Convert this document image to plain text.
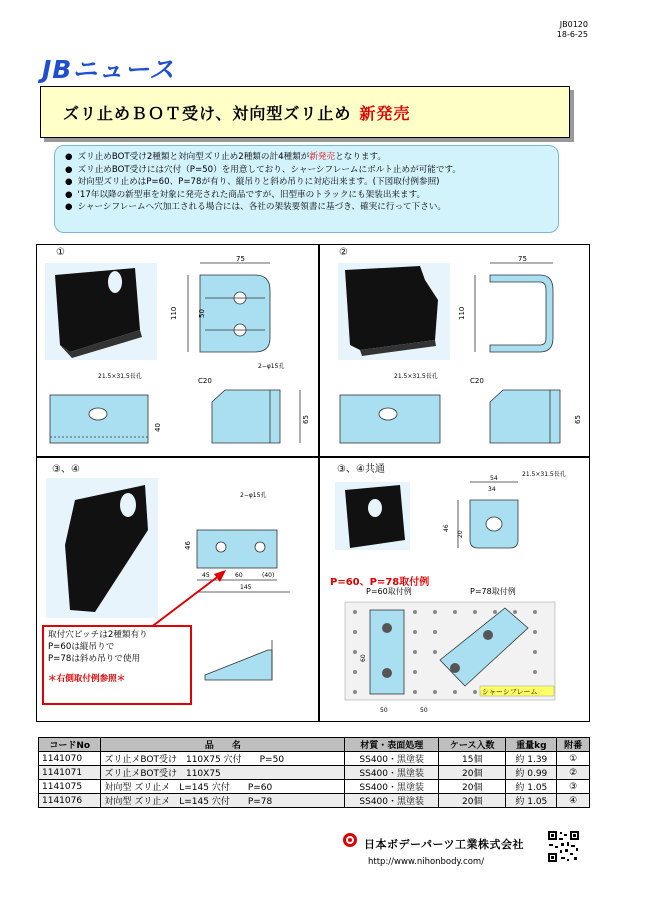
JB0120
18-6-25
JBニュース
ズリ止めＢＯＴ受け、対向型ズリ止め 新発売
● ズリ止めBOT受け2種類と対向型ズリ止め2種類の計4種類が新発売となります。
● ズリ止めBOT受けには穴付（P=50）を用意しており、シャーシフレームにボルト止めが可能です。
● 対向型ズリ止めはP=60、P=78が有り、縦吊りと斜め吊りに対応出来ます。(下図取付例参照)
● '17年以降の新型車を対象に発売された商品ですが、旧型車のトラックにも架装出来ます。
● シャーシフレームへ穴加工される場合には、各社の架装要領書に基づき、確実に行って下さい。
①	②
③、④	③、④共通
75
110	50
2−φ15孔
21.5×31.5長孔
C20
40
65
75
110
21.5×31.5長孔
C20
65
2−φ15孔
46
45	60	(40)
145
54
34
21.5×31.5長孔
46
20
シャーシフレーム
P=60取付例	P=78取付例
50	50
60
P=60、P=78取付例
取付穴ピッチは2種類有り
P=60は縦吊りで
P=78は斜め吊りで使用
＊右側取付例参照＊
コードNo	品　　名	材質・表面処理	ケース入数	重量kg	附番
1141070	ズリ止メBOT受け　110X75 穴付　　P=50	SS400・黒塗装	15個	約 1.39	①
1141071	ズリ止メBOT受け　110X75	SS400・黒塗装	20個	約 0.99	②
1141075	対向型 ズリ止メ　L=145 穴付　　P=60	SS400・黒塗装	20個	約 1.05	③
1141076	対向型 ズリ止メ　L=145 穴付　　P=78	SS400・黒塗装	20個	約 1.05	④
日本ボデーパーツ工業株式会社
http://www.nihonbody.com/
